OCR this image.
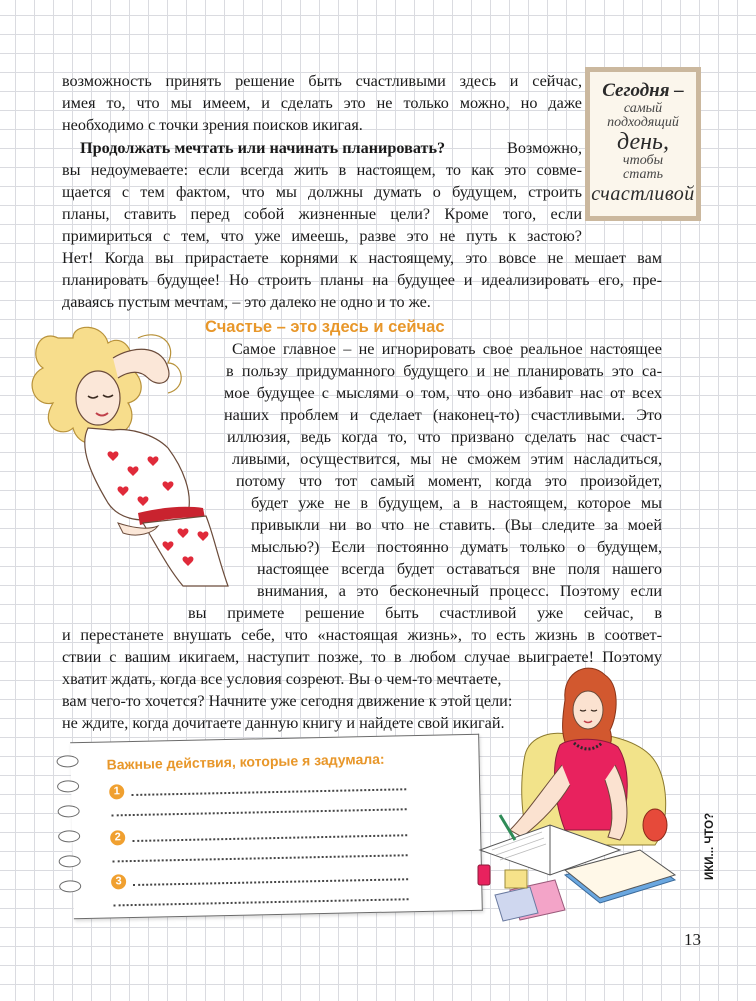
Сегодня –
самый
подходящий
день,
чтобы
стать
счастливой
возможность принять решение быть счастливыми здесь и сейчас,
имея то, что мы имеем, и сделать это не только можно, но даже
необходимо с точки зрения поисков икигая.
Продолжать мечтать или начинать планировать?	Возможно,
вы недоумеваете: если всегда жить в настоящем, то как это совме-
щается с тем фактом, что мы должны думать о будущем, строить
планы, ставить перед собой жизненные цели? Кроме того, если
примириться с тем, что уже имеешь, разве это не путь к застою?
Нет! Когда вы прирастаете корнями к настоящему, это вовсе не мешает вам
планировать будущее! Но строить планы на будущее и идеализировать его, пре-
даваясь пустым мечтам, – это далеко не одно и то же.
Счастье – это здесь и сейчас
Самое главное – не игнорировать свое реальное настоящее
в пользу придуманного будущего и не планировать это са-
мое будущее с мыслями о том, что оно избавит нас от всех
наших проблем и сделает (наконец-то) счастливыми. Это
иллюзия, ведь когда то, что призвано сделать нас счаст-
ливыми, осуществится, мы не сможем этим насладиться,
потому что тот самый момент, когда это произойдет,
будет уже не в будущем, а в настоящем, которое мы
привыкли ни во что не ставить. (Вы следите за моей
мыслью?) Если постоянно думать только о будущем,
настоящее всегда будет оставаться вне поля нашего
внимания, а это бесконечный процесс. Поэтому если
вы примете решение быть счастливой уже сейчас, в
и перестанете внушать себе, что «настоящая жизнь», то есть жизнь в соответ-
ствии с вашим икигаем, наступит позже, то в любом случае выиграете! Поэтому
хватит ждать, когда все условия созреют. Вы о чем-то мечтаете,
вам чего-то хочется? Начните уже сегодня движение к этой цели:
не ждите, когда дочитаете данную книгу и найдете свой икигай.
Важные действия, которые я задумала:
1
2
3
ИКИ... ЧТО?
13
